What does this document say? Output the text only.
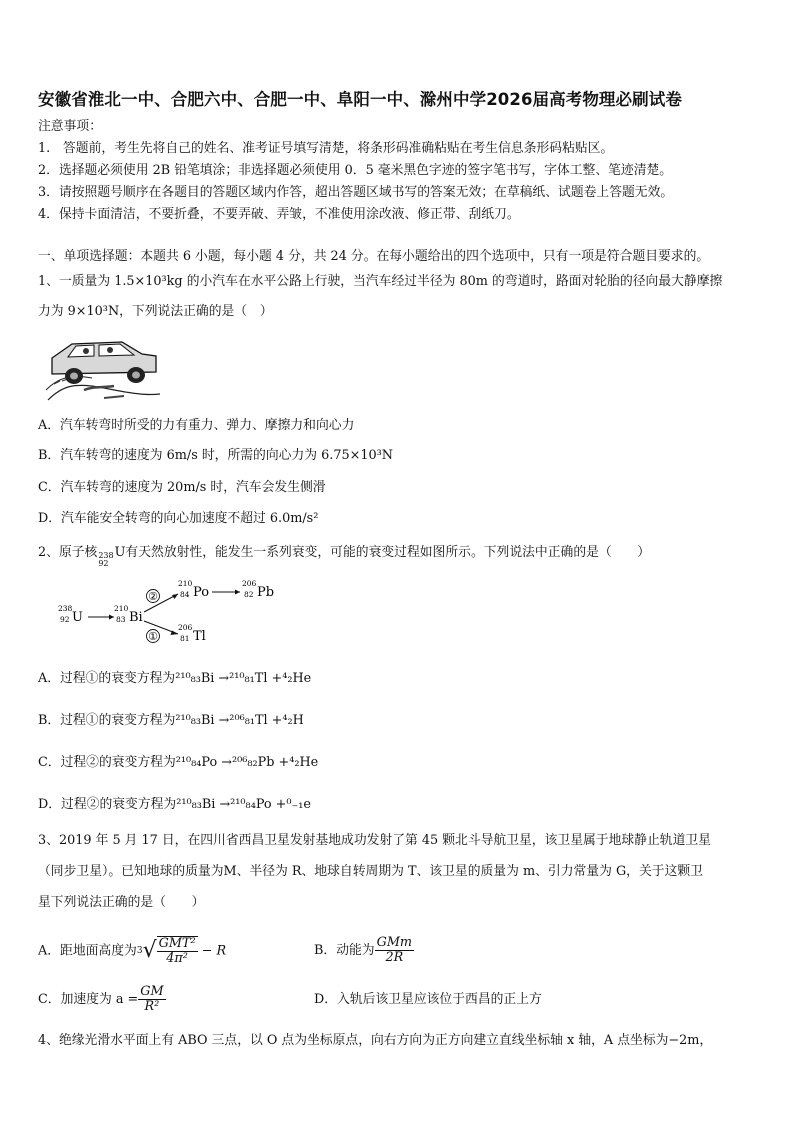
安徽省淮北一中、合肥六中、合肥一中、阜阳一中、滁州中学2026届高考物理必刷试卷
注意事项：
1.　答题前，考生先将自己的姓名、准考证号填写清楚，将条形码准确粘贴在考生信息条形码粘贴区。
2．选择题必须使用 2B 铅笔填涂；非选择题必须使用 0．5 毫米黑色字迹的签字笔书写，字体工整、笔迹清楚。
3．请按照题号顺序在各题目的答题区域内作答，超出答题区域书写的答案无效；在草稿纸、试题卷上答题无效。
4．保持卡面清洁，不要折叠，不要弄破、弄皱，不准使用涂改液、修正带、刮纸刀。
一、单项选择题：本题共 6 小题，每小题 4 分，共 24 分。在每小题给出的四个选项中，只有一项是符合题目要求的。
1、一质量为 1.5×10³kg 的小汽车在水平公路上行驶，当汽车经过半径为 80m 的弯道时，路面对轮胎的径向最大静摩擦
力为 9×10³N，下列说法正确的是（　）
A．汽车转弯时所受的力有重力、弹力、摩擦力和向心力
B．汽车转弯的速度为 6m/s 时，所需的向心力为 6.75×10³N
C．汽车转弯的速度为 20m/s 时，汽车会发生侧滑
D．汽车能安全转弯的向心加速度不超过 6.0m/s²
2、原子核 238
92
U有天然放射性，能发生一系列衰变，可能的衰变过程如图所示。下列说法中正确的是（　　）
238
92 U
210
83 Bi
②
①
210
84 Po
206
82 Pb
206
81 Tl
A．过程①的衰变方程为²¹⁰₈₃Bi →²¹⁰₈₁Tl +⁴₂He
B．过程①的衰变方程为²¹⁰₈₃Bi →²⁰⁶₈₁Tl +⁴₂H
C．过程②的衰变方程为²¹⁰₈₄Po →²⁰⁶₈₂Pb +⁴₂He
D．过程②的衰变方程为²¹⁰₈₃Bi →²¹⁰₈₄Po +⁰₋₁e
3、2019 年 5 月 17 日，在四川省西昌卫星发射基地成功发射了第 45 颗北斗导航卫星，该卫星属于地球静止轨道卫星
（同步卫星）。已知地球的质量为M、半径为 R、地球自转周期为 T、该卫星的质量为 m、引力常量为 G，关于这颗卫
星下列说法正确的是（　　）
A．距地面高度为$^3√ \frac{\text{GMT²}}{\text{4π²}} - R$	B．动能为 $\frac{\text{GMm}}{2R}$
C．加速度为 $a = \frac{GM}{\text{R²}}$	D．入轨后该卫星应该位于西昌的正上方
4、绝缘光滑水平面上有 ABO 三点，以 O 点为坐标原点，向右方向为正方向建立直线坐标轴 x 轴，A 点坐标为−2m，
